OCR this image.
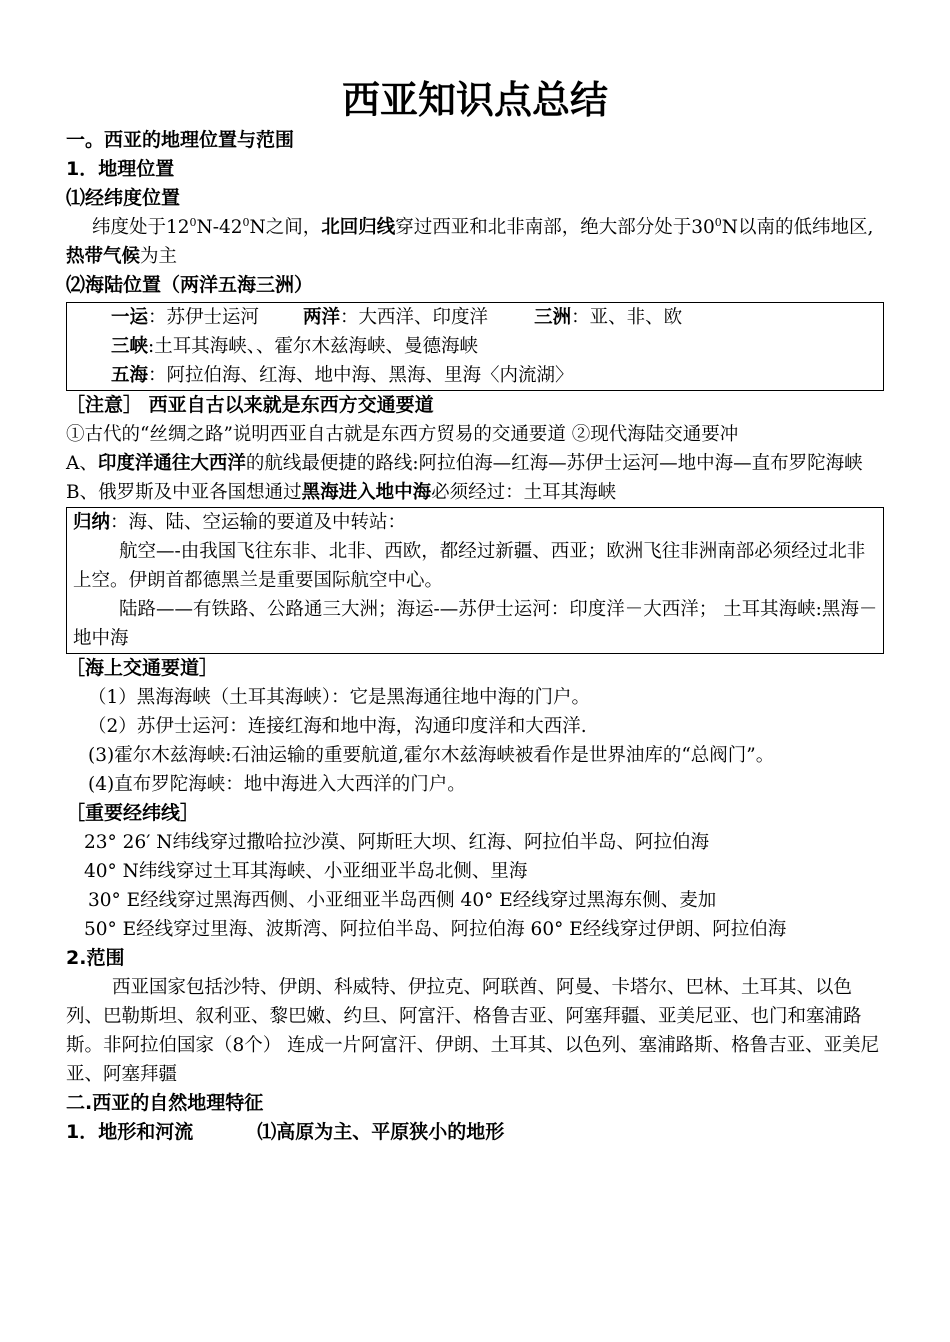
西亚知识点总结
一。西亚的地理位置与范围
1．地理位置
⑴经纬度位置
纬度处于$12^0N-42^0N$之间，北回归线穿过西亚和北非南部，绝大部分处于$30^0N$以南的低纬地区,热带气候为主
⑵海陆位置（两洋五海三洲）
一运：苏伊士运河 两洋：大西洋、印度洋 三洲：亚、非、欧
三峡:土耳其海峡、、霍尔木兹海峡、曼德海峡
五海：阿拉伯海、红海、地中海、黑海、里海〈内流湖〉
［注意］ 西亚自古以来就是东西方交通要道
①古代的“丝绸之路”说明西亚自古就是东西方贸易的交通要道 ②现代海陆交通要冲
A、印度洋通往大西洋的航线最便捷的路线:阿拉伯海—红海—苏伊士运河—地中海—直布罗陀海峡
B、俄罗斯及中亚各国想通过黑海进入地中海必须经过：土耳其海峡
归纳：海、陆、空运输的要道及中转站：
航空—-由我国飞往东非、北非、西欧，都经过新疆、西亚；欧洲飞往非洲南部必须经过北非上空。伊朗首都德黑兰是重要国际航空中心。
陆路——有铁路、公路通三大洲；海运-—苏伊士运河：印度洋－大西洋； 土耳其海峡:黑海－地中海
［海上交通要道］
（1）黑海海峡（土耳其海峡）：它是黑海通往地中海的门户。
（2）苏伊士运河：连接红海和地中海，沟通印度洋和大西洋.
(3)霍尔木兹海峡:石油运输的重要航道,霍尔木兹海峡被看作是世界油库的“总阀门”。
(4)直布罗陀海峡：地中海进入大西洋的门户。
［重要经纬线］
23° 26′ N纬线穿过撒哈拉沙漠、阿斯旺大坝、红海、阿拉伯半岛、阿拉伯海
40° N纬线穿过土耳其海峡、小亚细亚半岛北侧、里海
30° E经线穿过黑海西侧、小亚细亚半岛西侧 40° E经线穿过黑海东侧、麦加
50° E经线穿过里海、波斯湾、阿拉伯半岛、阿拉伯海 60° E经线穿过伊朗、阿拉伯海
2.范围
西亚国家包括沙特、伊朗、科威特、伊拉克、阿联酋、阿曼、卡塔尔、巴林、土耳其、以色列、巴勒斯坦、叙利亚、黎巴嫩、约旦、阿富汗、格鲁吉亚、阿塞拜疆、亚美尼亚、也门和塞浦路斯。非阿拉伯国家（8个） 连成一片阿富汗、伊朗、土耳其、以色列、塞浦路斯、格鲁吉亚、亚美尼亚、阿塞拜疆
二.西亚的自然地理特征
1．地形和河流	⑴高原为主、平原狭小的地形
